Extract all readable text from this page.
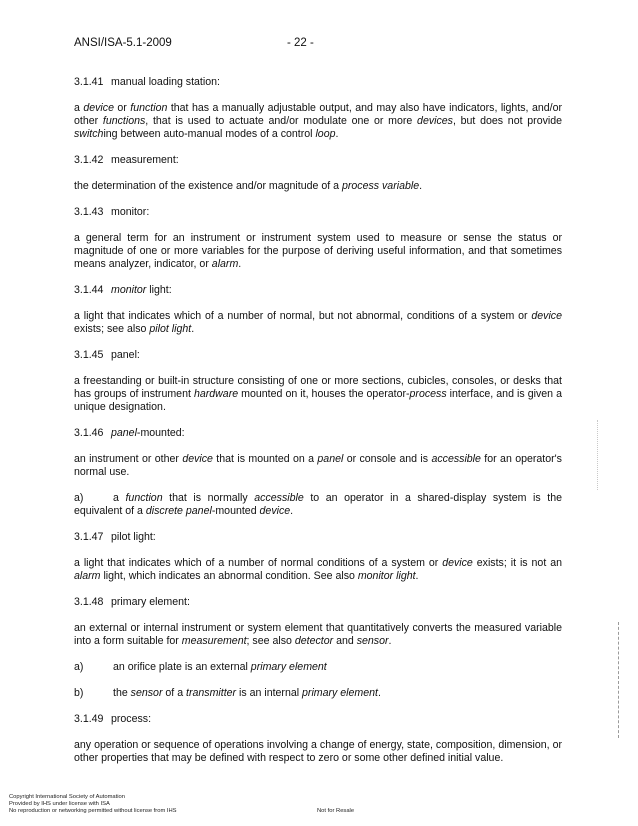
ANSI/ISA-5.1-2009	- 22 -
3.1.41 manual loading station:
a device or function that has a manually adjustable output, and may also have indicators, lights, and/or other functions, that is used to actuate and/or modulate one or more devices, but does not provide switching between auto-manual modes of a control loop.
3.1.42 measurement:
the determination of the existence and/or magnitude of a process variable.
3.1.43 monitor:
a general term for an instrument or instrument system used to measure or sense the status or magnitude of one or more variables for the purpose of deriving useful information, and that sometimes means analyzer, indicator, or alarm.
3.1.44 monitor light:
a light that indicates which of a number of normal, but not abnormal, conditions of a system or device exists; see also pilot light.
3.1.45 panel:
a freestanding or built-in structure consisting of one or more sections, cubicles, consoles, or desks that has groups of instrument hardware mounted on it, houses the operator-process interface, and is given a unique designation.
3.1.46 panel-mounted:
an instrument or other device that is mounted on a panel or console and is accessible for an operator's normal use.
a)	a function that is normally accessible to an operator in a shared-display system is the equivalent of a discrete panel-mounted device.
3.1.47 pilot light:
a light that indicates which of a number of normal conditions of a system or device exists; it is not an alarm light, which indicates an abnormal condition. See also monitor light.
3.1.48 primary element:
an external or internal instrument or system element that quantitatively converts the measured variable into a form suitable for measurement; see also detector and sensor.
a)	an orifice plate is an external primary element
b)	the sensor of a transmitter is an internal primary element.
3.1.49 process:
any operation or sequence of operations involving a change of energy, state, composition, dimension, or other properties that may be defined with respect to zero or some other defined initial value.
Copyright International Society of Automation
Provided by IHS under license with ISA
No reproduction or networking permitted without license from IHS	Not for Resale
